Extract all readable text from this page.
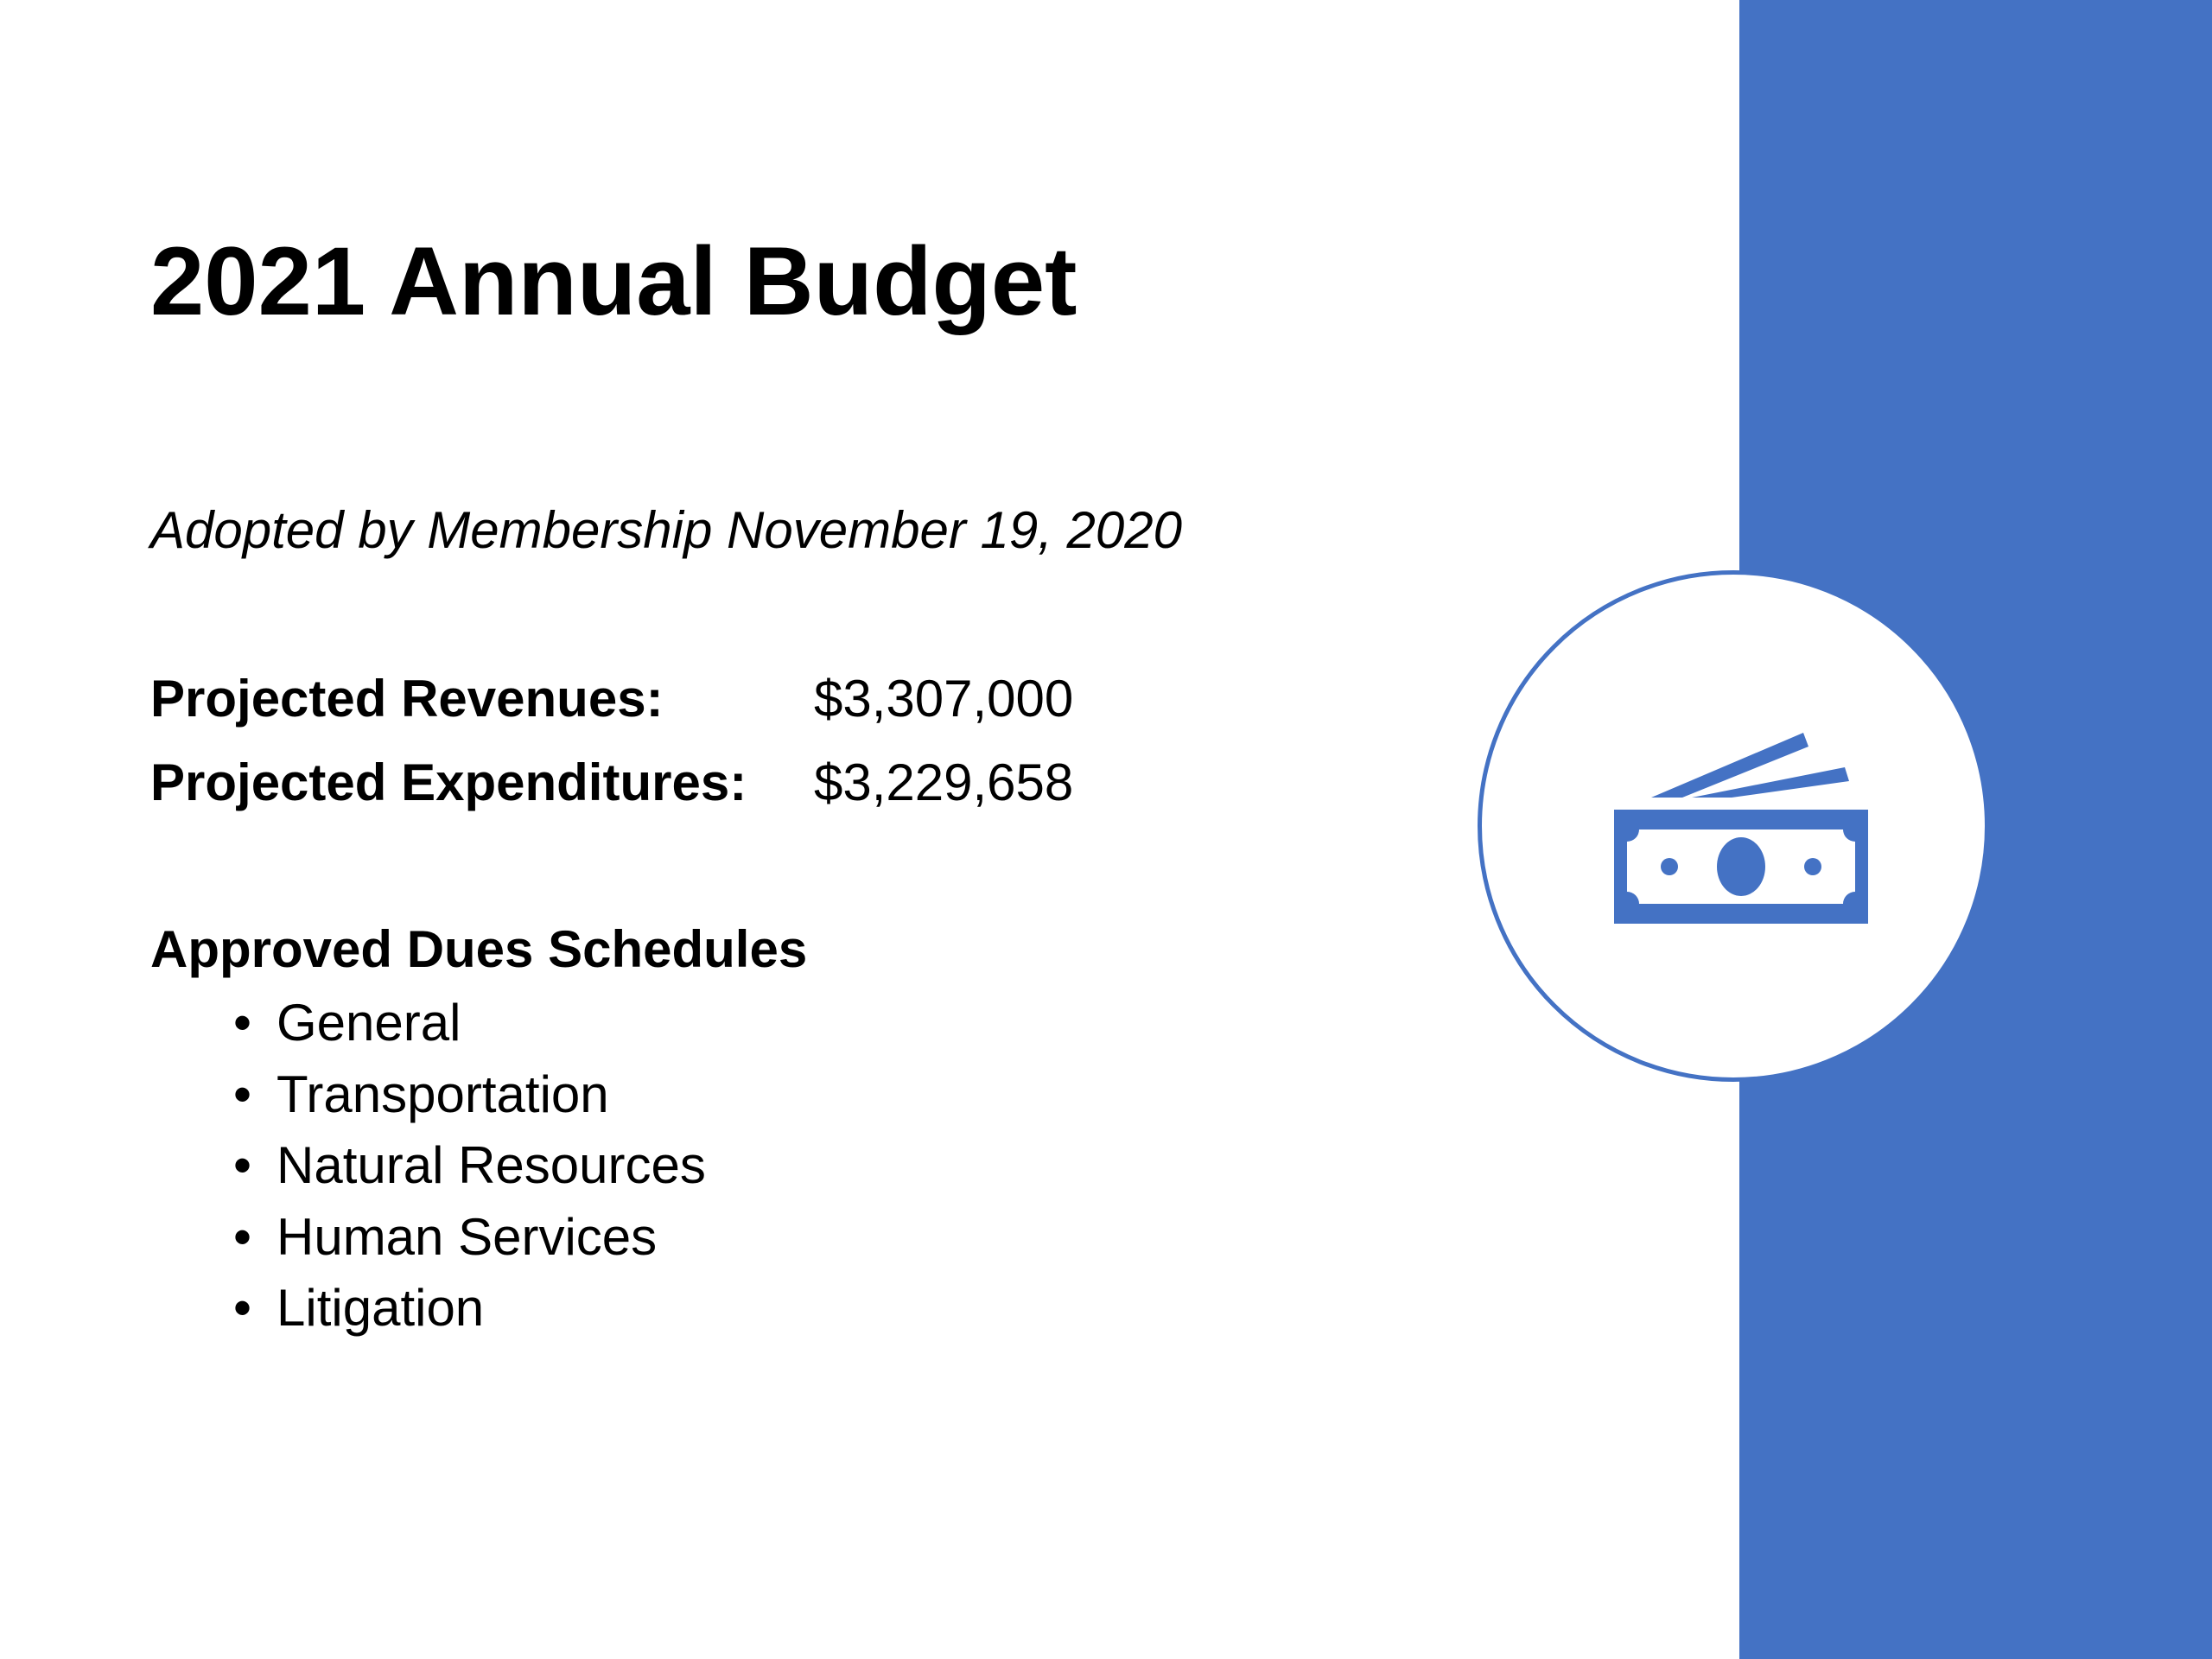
2021 Annual Budget
Adopted by Membership November 19, 2020
Projected Revenues:	$3,307,000
Projected Expenditures: $3,229,658
Approved Dues Schedules
• General
• Transportation
• Natural Resources
• Human Services
• Litigation
